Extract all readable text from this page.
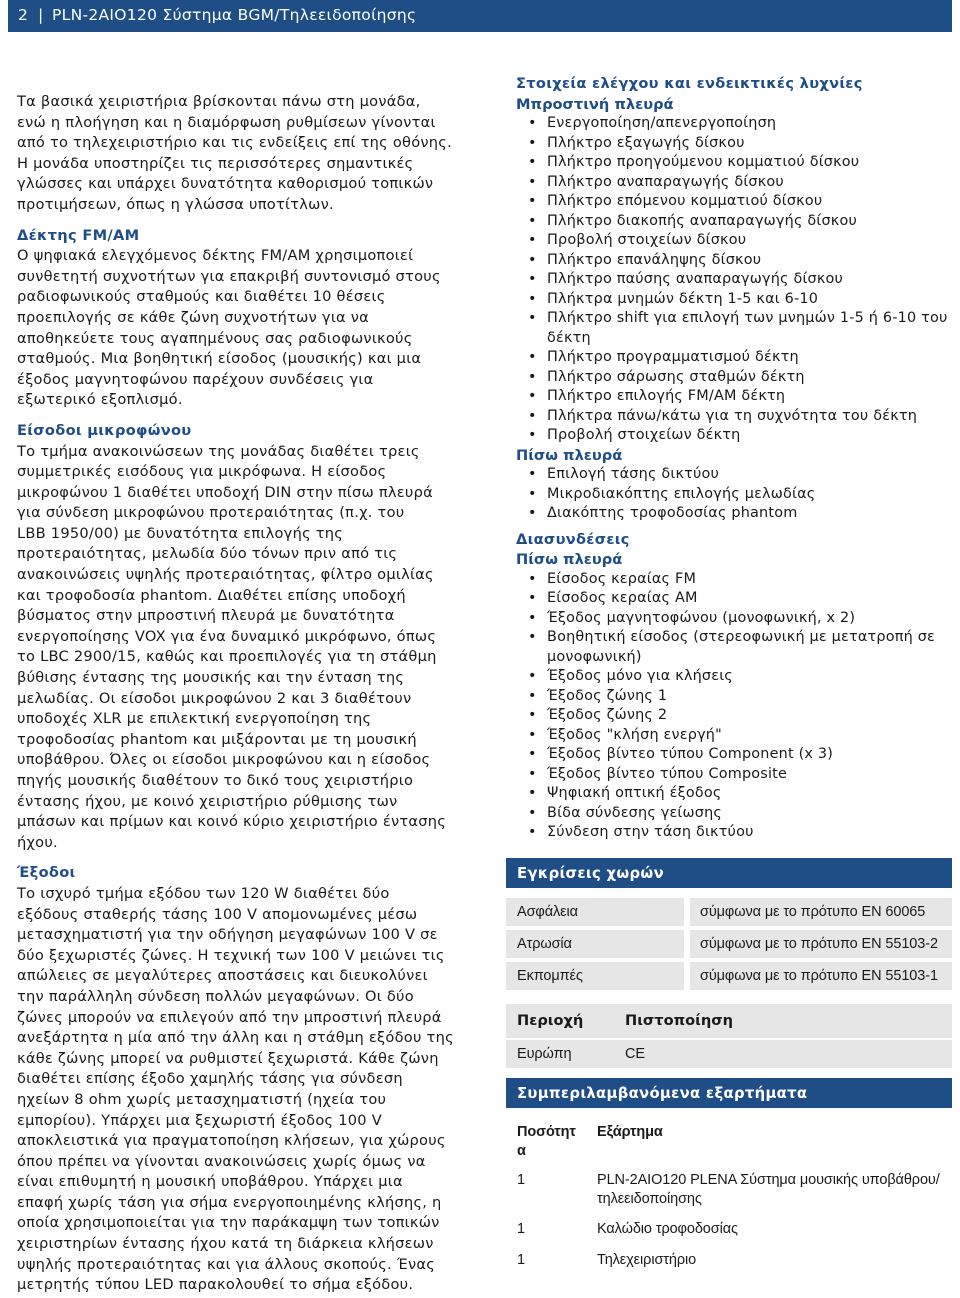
2 | PLN-2AIO120 Σύστημα BGM/Τηλεειδοποίησης
Τα βασικά χειριστήρια βρίσκονται πάνω στη μονάδα,
ενώ η πλοήγηση και η διαμόρφωση ρυθμίσεων γίνονται
από το τηλεχειριστήριο και τις ενδείξεις επί της οθόνης.
Η μονάδα υποστηρίζει τις περισσότερες σημαντικές
γλώσσες και υπάρχει δυνατότητα καθορισμού τοπικών
προτιμήσεων, όπως η γλώσσα υποτίτλων.
Δέκτης FM/AM
Ο ψηφιακά ελεγχόμενος δέκτης FM/AM χρησιμοποιεί
συνθετητή συχνοτήτων για επακριβή συντονισμό στους
ραδιοφωνικούς σταθμούς και διαθέτει 10 θέσεις
προεπιλογής σε κάθε ζώνη συχνοτήτων για να
αποθηκεύετε τους αγαπημένους σας ραδιοφωνικούς
σταθμούς. Μια βοηθητική είσοδος (μουσικής) και μια
έξοδος μαγνητοφώνου παρέχουν συνδέσεις για
εξωτερικό εξοπλισμό.
Είσοδοι μικροφώνου
Το τμήμα ανακοινώσεων της μονάδας διαθέτει τρεις
συμμετρικές εισόδους για μικρόφωνα. Η είσοδος
μικροφώνου 1 διαθέτει υποδοχή DIN στην πίσω πλευρά
για σύνδεση μικροφώνου προτεραιότητας (π.χ. του
LBB 1950/00) με δυνατότητα επιλογής της
προτεραιότητας, μελωδία δύο τόνων πριν από τις
ανακοινώσεις υψηλής προτεραιότητας, φίλτρο ομιλίας
και τροφοδοσία phantom. Διαθέτει επίσης υποδοχή
βύσματος στην μπροστινή πλευρά με δυνατότητα
ενεργοποίησης VOX για ένα δυναμικό μικρόφωνο, όπως
το LBC 2900/15, καθώς και προεπιλογές για τη στάθμη
βύθισης έντασης της μουσικής και την ένταση της
μελωδίας. Οι είσοδοι μικροφώνου 2 και 3 διαθέτουν
υποδοχές XLR με επιλεκτική ενεργοποίηση της
τροφοδοσίας phantom και μιξάρονται με τη μουσική
υποβάθρου. Όλες οι είσοδοι μικροφώνου και η είσοδος
πηγής μουσικής διαθέτουν το δικό τους χειριστήριο
έντασης ήχου, με κοινό χειριστήριο ρύθμισης των
μπάσων και πρίμων και κοινό κύριο χειριστήριο έντασης
ήχου.
Έξοδοι
Το ισχυρό τμήμα εξόδου των 120 W διαθέτει δύο
εξόδους σταθερής τάσης 100 V απομονωμένες μέσω
μετασχηματιστή για την οδήγηση μεγαφώνων 100 V σε
δύο ξεχωριστές ζώνες. Η τεχνική των 100 V μειώνει τις
απώλειες σε μεγαλύτερες αποστάσεις και διευκολύνει
την παράλληλη σύνδεση πολλών μεγαφώνων. Οι δύο
ζώνες μπορούν να επιλεγούν από την μπροστινή πλευρά
ανεξάρτητα η μία από την άλλη και η στάθμη εξόδου της
κάθε ζώνης μπορεί να ρυθμιστεί ξεχωριστά. Κάθε ζώνη
διαθέτει επίσης έξοδο χαμηλής τάσης για σύνδεση
ηχείων 8 ohm χωρίς μετασχηματιστή (ηχεία του
εμπορίου). Υπάρχει μια ξεχωριστή έξοδος 100 V
αποκλειστικά για πραγματοποίηση κλήσεων, για χώρους
όπου πρέπει να γίνονται ανακοινώσεις χωρίς όμως να
είναι επιθυμητή η μουσική υποβάθρου. Υπάρχει μια
επαφή χωρίς τάση για σήμα ενεργοποιημένης κλήσης, η
οποία χρησιμοποιείται για την παράκαμψη των τοπικών
χειριστηρίων έντασης ήχου κατά τη διάρκεια κλήσεων
υψηλής προτεραιότητας και για άλλους σκοπούς. Ένας
μετρητής τύπου LED παρακολουθεί το σήμα εξόδου.
Στοιχεία ελέγχου και ενδεικτικές λυχνίες
Μπροστινή πλευρά
• Ενεργοποίηση/απενεργοποίηση
• Πλήκτρο εξαγωγής δίσκου
• Πλήκτρο προηγούμενου κομματιού δίσκου
• Πλήκτρο αναπαραγωγής δίσκου
• Πλήκτρο επόμενου κομματιού δίσκου
• Πλήκτρο διακοπής αναπαραγωγής δίσκου
• Προβολή στοιχείων δίσκου
• Πλήκτρο επανάληψης δίσκου
• Πλήκτρο παύσης αναπαραγωγής δίσκου
• Πλήκτρα μνημών δέκτη 1-5 και 6-10
• Πλήκτρο shift για επιλογή των μνημών 1-5 ή 6-10 του δέκτη
• Πλήκτρο προγραμματισμού δέκτη
• Πλήκτρο σάρωσης σταθμών δέκτη
• Πλήκτρο επιλογής FM/AM δέκτη
• Πλήκτρα πάνω/κάτω για τη συχνότητα του δέκτη
• Προβολή στοιχείων δέκτη
Πίσω πλευρά
• Επιλογή τάσης δικτύου
• Μικροδιακόπτης επιλογής μελωδίας
• Διακόπτης τροφοδοσίας phantom
Διασυνδέσεις
Πίσω πλευρά
• Είσοδος κεραίας FM
• Είσοδος κεραίας AM
• Έξοδος μαγνητοφώνου (μονοφωνική, x 2)
• Βοηθητική είσοδος (στερεοφωνική με μετατροπή σε μονοφωνική)
• Έξοδος μόνο για κλήσεις
• Έξοδος ζώνης 1
• Έξοδος ζώνης 2
• Έξοδος "κλήση ενεργή"
• Έξοδος βίντεο τύπου Component (x 3)
• Έξοδος βίντεο τύπου Composite
• Ψηφιακή οπτική έξοδος
• Βίδα σύνδεσης γείωσης
• Σύνδεση στην τάση δικτύου
Εγκρίσεις χωρών
Ασφάλεια	σύμφωνα με το πρότυπο EN 60065
Ατρωσία	σύμφωνα με το πρότυπο EN 55103-2
Εκπομπές	σύμφωνα με το πρότυπο EN 55103-1
Περιοχή	Πιστοποίηση
Ευρώπη	CE
Συμπεριλαμβανόμενα εξαρτήματα
Ποσότητ
α
Εξάρτημα
1	PLN-2AIO120 PLENA Σύστημα μουσικής υποβάθρου/
τηλεειδοποίησης
1	Καλώδιο τροφοδοσίας
1	Τηλεχειριστήριο
